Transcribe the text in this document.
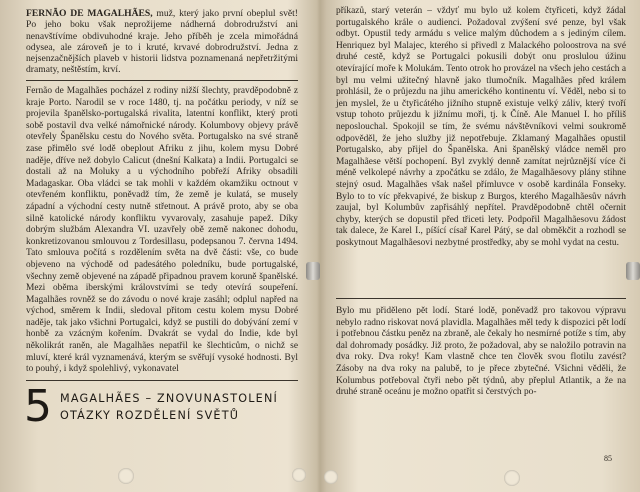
FERNÃO DE MAGALHÃES, muž, který jako první obeplul svět! Po jeho boku však neprožijeme nádherná dobrodružství ani nenavštívíme obdivuhodné kraje. Jeho příběh je zcela mimořádná odysea, ale zároveň je to i kruté, krvavé dobrodružství. Jedna z nejsenzačnějších plaveb v historii lidstva poznamenaná nepřetržitými dramaty, neštěstím, krví.
Fernão de Magalhães pocházel z rodiny nižší šlechty, pravděpodobně z kraje Porto. Narodil se v roce 1480, tj. na počátku periody, v níž se projevila španělsko-portugalská rivalita, latentní konflikt, který proti sobě postavil dva velké námořnické národy. Kolumbovy objevy právě otevřely Španělsku cestu do Nového světa. Portugalsko na své straně zase přimělo své lodě obeplout Afriku z jihu, kolem mysu Dobré naděje, dříve než dobylo Calicut (dnešní Kalkata) a Indii. Portugalci se dostali až na Moluky a u východního pobřeží Afriky obsadili Madagaskar. Oba vládci se tak mohli v každém okamžiku octnout v otevřeném konfliktu, poněvadž tím, že země je kulatá, se musely západní a východní cesty nutně střetnout. A právě proto, aby se oba silně katolické národy konfliktu vyvarovaly, zasahuje papež. Díky dobrým službám Alexandra VI. uzavřely obě země nakonec dohodu, konkretizovanou smlouvou z Tordesillasu, podepsanou 7. června 1494. Tato smlouva počítá s rozdělením světa na dvě části: vše, co bude objeveno na východě od padesátého poledníku, bude portugalské, všechny země objevené na západě připadnou pravem koruně španělské. Mezi oběma iberskými královstvími se tedy otevírá soupeření. Magalhães rovněž se do závodu o nové kraje zasáhl; odplul napřed na východ, směrem k Indii, sledoval přitom cestu kolem mysu Dobré naděje, tak jako všichni Portugalci, když se pustili do dobývání zemí v honbě za vzácným kořením. Dvakrát se vydal do Indie, kde byl několikrát raněn, ale Magalhães nepatřil ke šlechticům, o nichž se mluví, které král vyznamenává, kterým se svěřují vysoké hodnosti. Byl to pouhý, i když spolehlivý, vykonavatel
5 MAGALHÃES – ZNOVUNASTOLENÍ
OTÁZKY ROZDĚLENÍ SVĚTŮ
příkazů, starý veterán – vždyť mu bylo už kolem čtyřiceti, když žádal portugalského krále o audienci. Požadoval zvýšení své penze, byl však odbyt. Opustil tedy armádu s velice malým důchodem a s jediným cílem. Henriquez byl Malajec, kterého si přivedl z Malackého poloostrova na své druhé cestě, když se Portugalci pokusili dobýt onu proslulou úžinu otevírající moře k Molukám. Tento otrok ho provázel na všech jeho cestách a byl mu velmi užitečný hlavně jako tlumočník. Magalhães před králem prohlásil, že o průjezdu na jihu amerického kontinentu ví. Věděl, nebo si to jen myslel, že u čtyřicátého jižního stupně existuje velký záliv, který tvoří vstup tohoto průjezdu k jižnímu moři, tj. k Číně. Ale Manuel I. ho příliš neposlouchal. Spokojil se tím, že svému návštěvníkovi velmi soukromě odpověděl, že jeho služby již nepotřebuje. Zklamaný Magalhães opustil Portugalsko, aby přijel do Španělska. Ani španělský vládce neměl pro Magalhãese větší pochopení. Byl zvyklý denně zamítat nejrůznější více či méně velkolepé návrhy a zpočátku se zdálo, že Magalhãesovy plány stihne stejný osud. Magalhães však našel přímluvce v osobě kardinála Fonseky. Bylo to to víc překvapivé, že biskup z Burgos, kterého Magalhãesův návrh zaujal, byl Kolumbův zapřisáhlý nepřítel. Pravděpodobně chtěl očernit chyby, kterých se dopustil před třiceti lety. Podpořil Magalhãesovu žádost tak dalece, že Karel I., píšící císař Karel Pátý, se dal obměkčit a rozhodl se poskytnout Magalhãesovi nezbytné prostředky, aby se mohl vydat na cestu.
Bylo mu přiděleno pět lodí. Staré lodě, poněvadž pro takovou výpravu nebylo radno riskovat nová plavidla. Magalhães měl tedy k dispozici pět lodí i potřebnou částku peněz na zbraně, ale čekaly ho nesmírné potíže s tím, aby dal dohromady posádky. Již proto, že požadoval, aby se naložilo potravin na dva roky. Dva roky! Kam vlastně chce ten člověk svou flotilu zavést? Zásoby na dva roky na palubě, to je přece zbytečné. Všichni věděli, že Kolumbus potřeboval čtyři nebo pět týdnů, aby přeplul Atlantik, a že na druhé straně oceánu je možno opatřit si čerstvých po-
85
